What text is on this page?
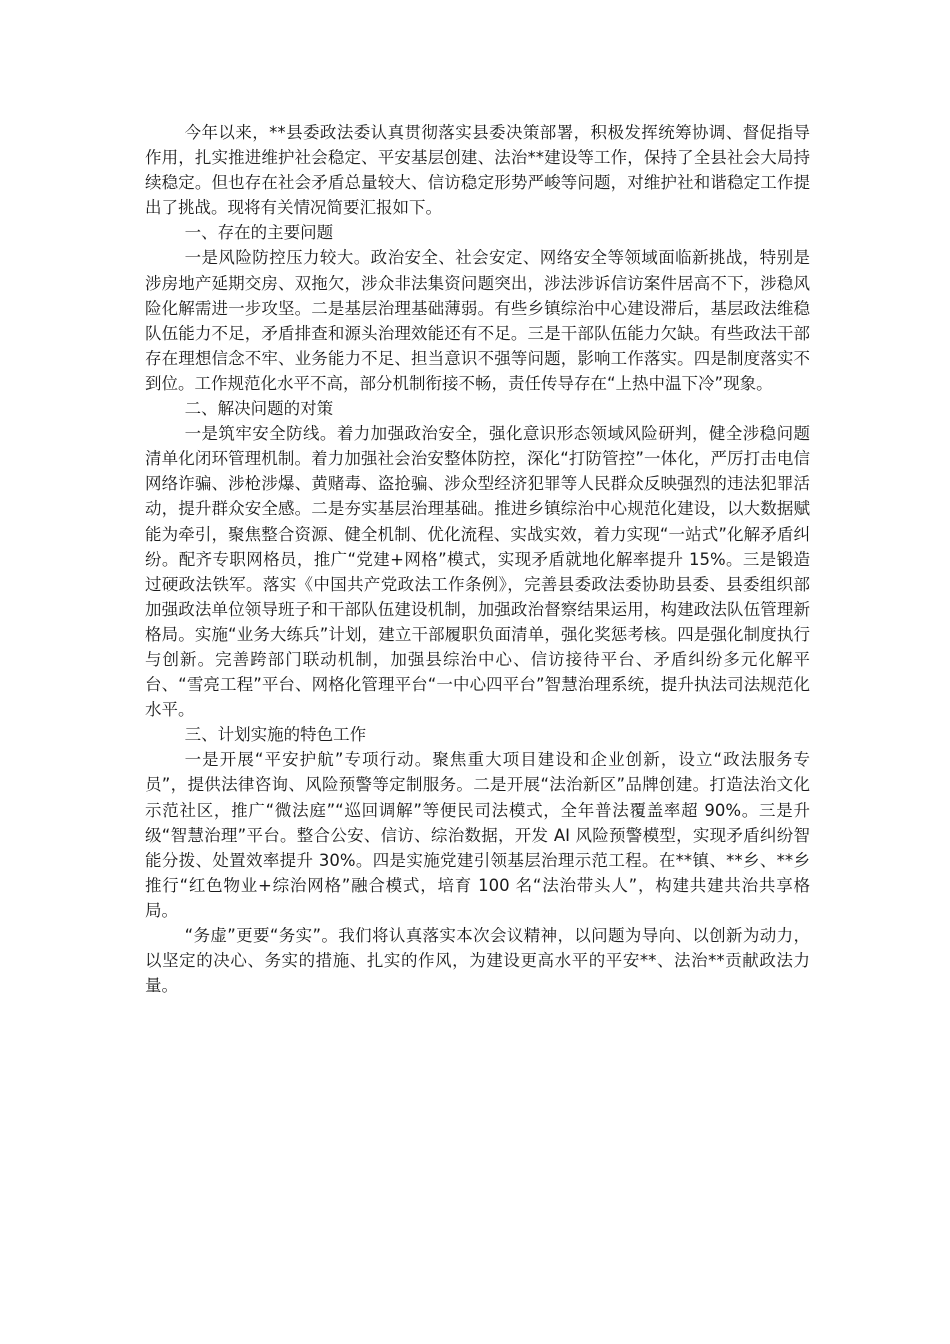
今年以来，**县委政法委认真贯彻落实县委决策部署，积极发挥统筹协调、督促指导作用，扎实推进维护社会稳定、平安基层创建、法治**建设等工作，保持了全县社会大局持续稳定。但也存在社会矛盾总量较大、信访稳定形势严峻等问题，对维护社和谐稳定工作提出了挑战。现将有关情况简要汇报如下。

一、存在的主要问题

一是风险防控压力较大。政治安全、社会安定、网络安全等领域面临新挑战，特别是涉房地产延期交房、双拖欠，涉众非法集资问题突出，涉法涉诉信访案件居高不下，涉稳风险化解需进一步攻坚。二是基层治理基础薄弱。有些乡镇综治中心建设滞后，基层政法维稳队伍能力不足，矛盾排查和源头治理效能还有不足。三是干部队伍能力欠缺。有些政法干部存在理想信念不牢、业务能力不足、担当意识不强等问题，影响工作落实。四是制度落实不到位。工作规范化水平不高，部分机制衔接不畅，责任传导存在“上热中温下冷”现象。

二、解决问题的对策

一是筑牢安全防线。着力加强政治安全，强化意识形态领域风险研判，健全涉稳问题清单化闭环管理机制。着力加强社会治安整体防控，深化“打防管控”一体化，严厉打击电信网络诈骗、涉枪涉爆、黄赌毒、盗抢骗、涉众型经济犯罪等人民群众反映强烈的违法犯罪活动，提升群众安全感。二是夯实基层治理基础。推进乡镇综治中心规范化建设，以大数据赋能为牵引，聚焦整合资源、健全机制、优化流程、实战实效，着力实现“一站式”化解矛盾纠纷。配齐专职网格员，推广“党建+网格”模式，实现矛盾就地化解率提升 15%。三是锻造过硬政法铁军。落实《中国共产党政法工作条例》，完善县委政法委协助县委、县委组织部加强政法单位领导班子和干部队伍建设机制，加强政治督察结果运用，构建政法队伍管理新格局。实施“业务大练兵”计划，建立干部履职负面清单，强化奖惩考核。四是强化制度执行与创新。完善跨部门联动机制，加强县综治中心、信访接待平台、矛盾纠纷多元化解平台、“雪亮工程”平台、网格化管理平台“一中心四平台”智慧治理系统，提升执法司法规范化水平。

三、计划实施的特色工作

一是开展“平安护航”专项行动。聚焦重大项目建设和企业创新，设立“政法服务专员”，提供法律咨询、风险预警等定制服务。二是开展“法治新区”品牌创建。打造法治文化示范社区，推广“微法庭”“巡回调解”等便民司法模式，全年普法覆盖率超 90%。三是升级“智慧治理”平台。整合公安、信访、综治数据，开发 AI 风险预警模型，实现矛盾纠纷智能分拨、处置效率提升 30%。四是实施党建引领基层治理示范工程。在**镇、**乡、**乡推行“红色物业+综治网格”融合模式，培育 100 名“法治带头人”，构建共建共治共享格局。

“务虚”更要“务实”。我们将认真落实本次会议精神，以问题为导向、以创新为动力，以坚定的决心、务实的措施、扎实的作风，为建设更高水平的平安**、法治**贡献政法力量。
